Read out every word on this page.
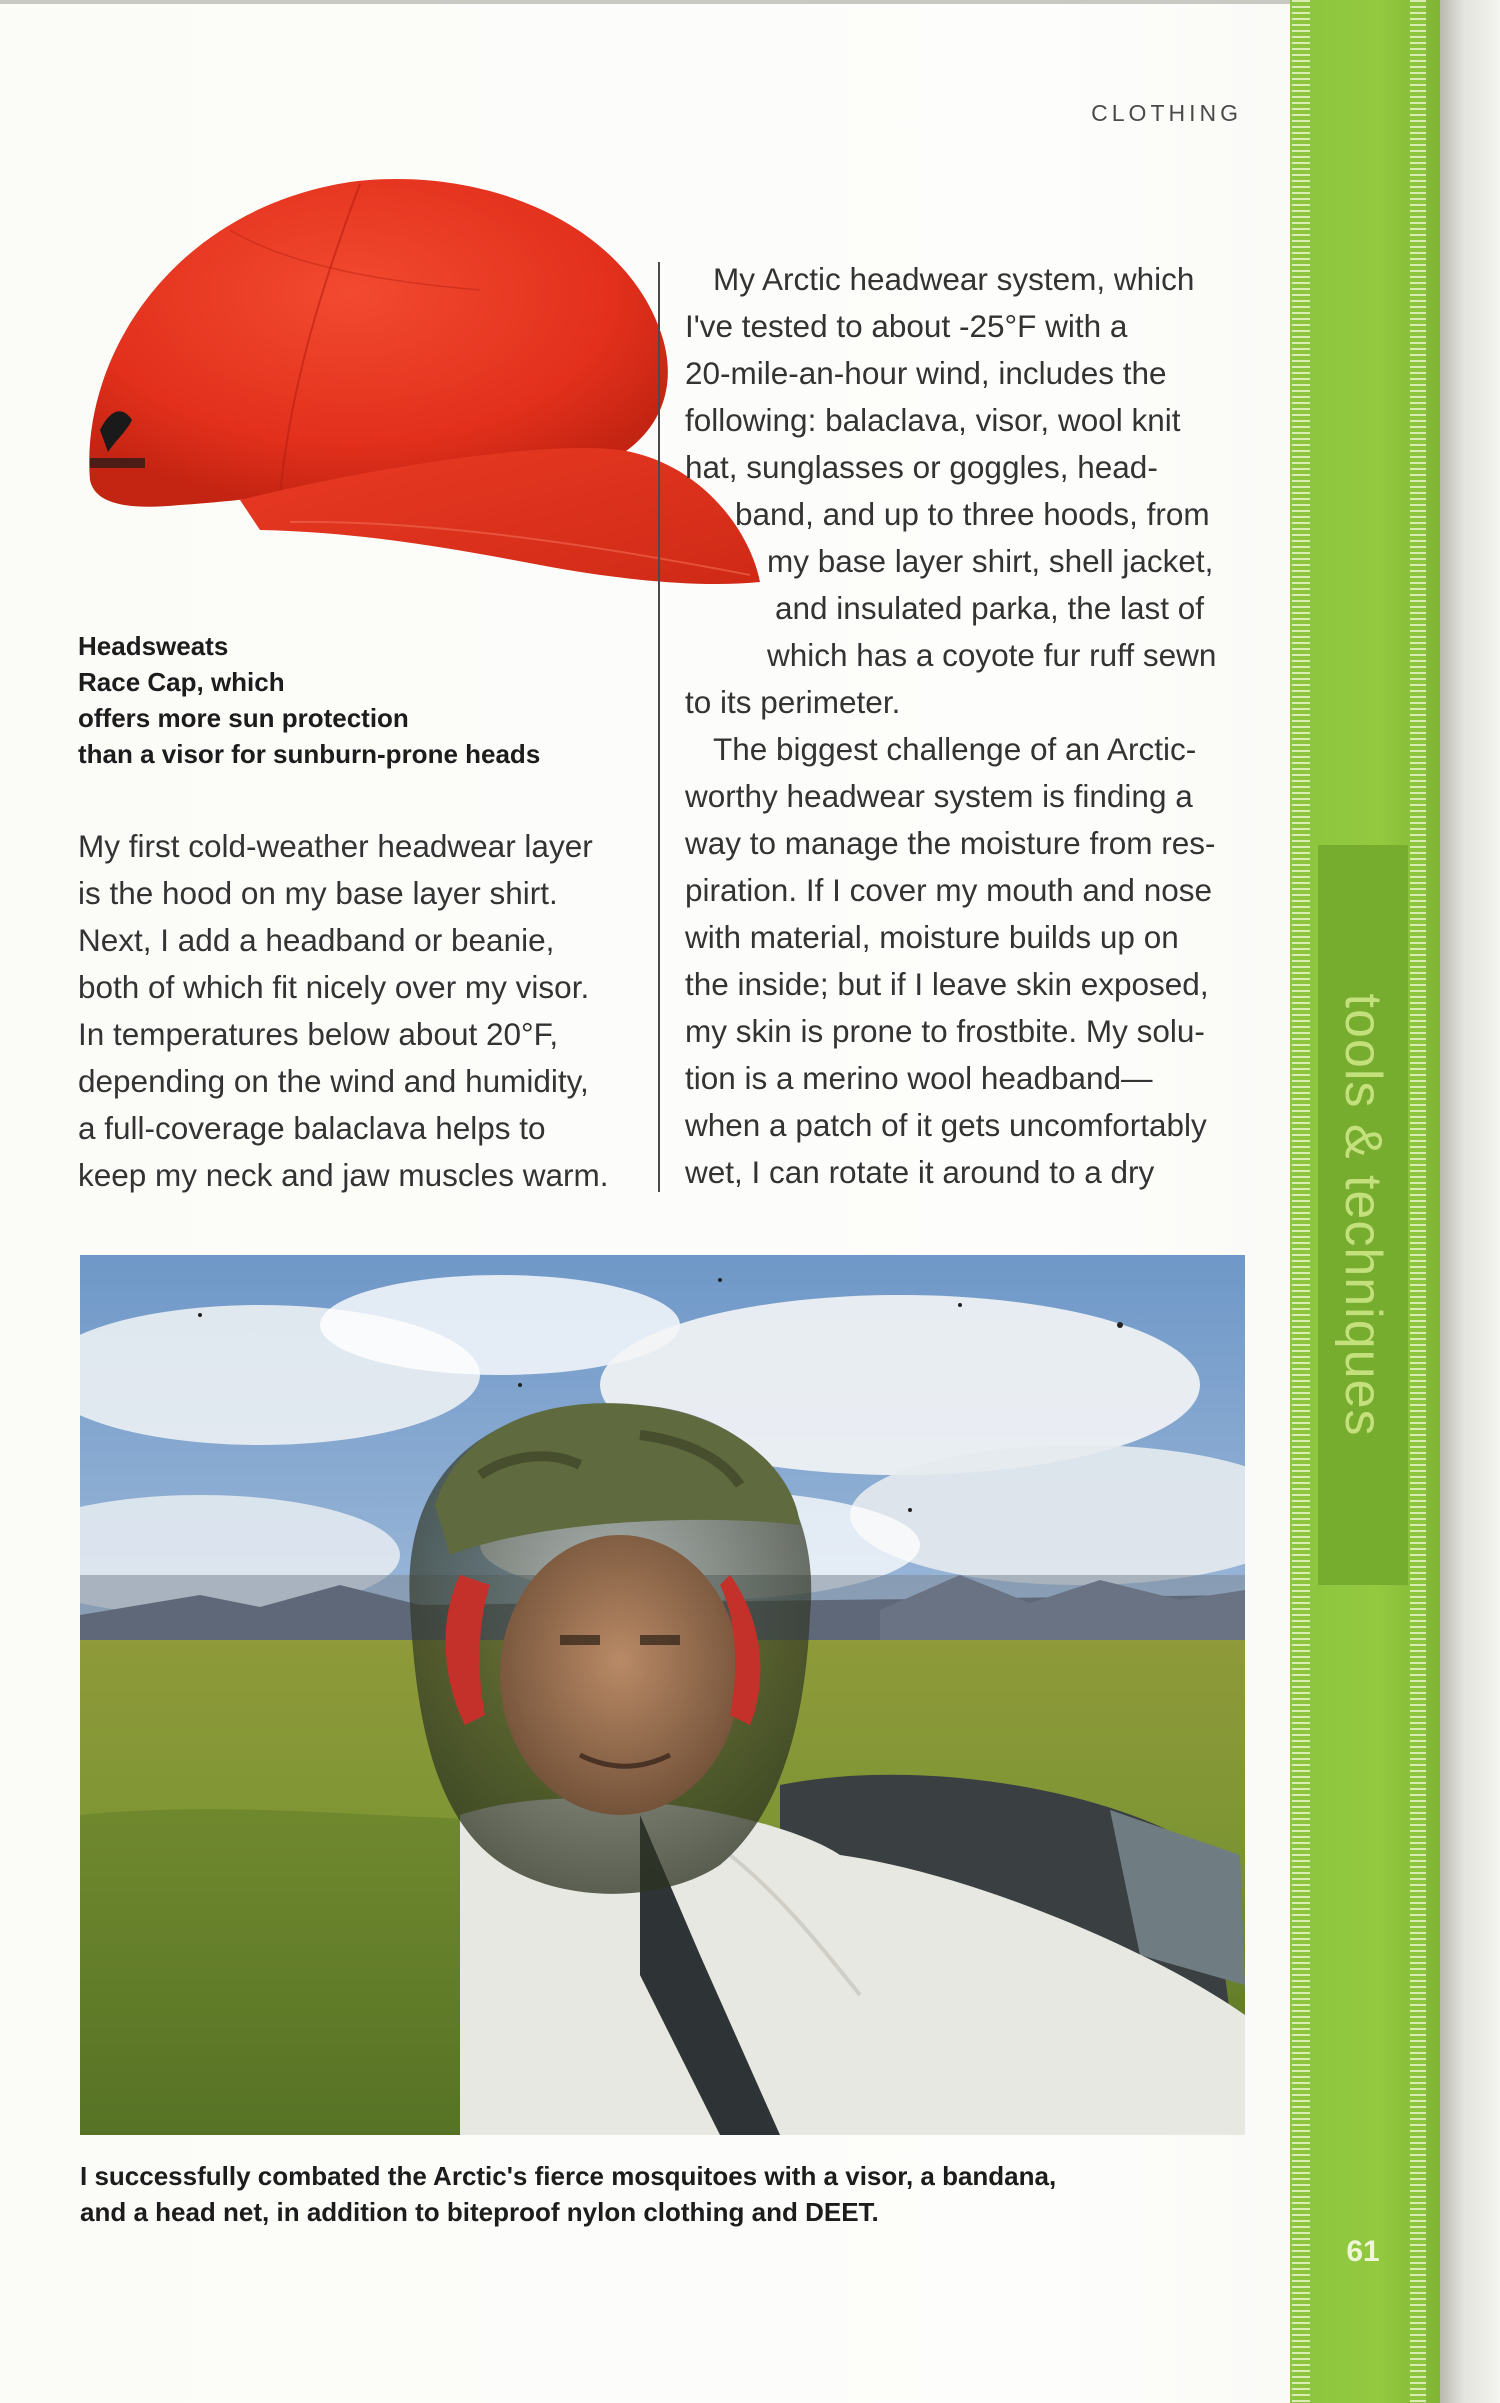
CLOTHING
Headsweats
Race Cap, which
offers more sun protection
than a visor for sunburn-prone heads
My first cold-weather headwear layer
is the hood on my base layer shirt.
Next, I add a headband or beanie,
both of which fit nicely over my visor.
In temperatures below about 20°F,
depending on the wind and humidity,
a full-coverage balaclava helps to
keep my neck and jaw muscles warm.
My Arctic headwear system, which
I've tested to about -25°F with a
20-mile-an-hour wind, includes the
following: balaclava, visor, wool knit
hat, sunglasses or goggles, head-
band, and up to three hoods, from
my base layer shirt, shell jacket,
and insulated parka, the last of
which has a coyote fur ruff sewn
to its perimeter.
The biggest challenge of an Arctic-
worthy headwear system is finding a
way to manage the moisture from res-
piration. If I cover my mouth and nose
with material, moisture builds up on
the inside; but if I leave skin exposed,
my skin is prone to frostbite. My solu-
tion is a merino wool headband—
when a patch of it gets uncomfortably
wet, I can rotate it around to a dry
I successfully combated the Arctic's fierce mosquitoes with a visor, a bandana,
and a head net, in addition to biteproof nylon clothing and DEET.
tools & techniques
61
